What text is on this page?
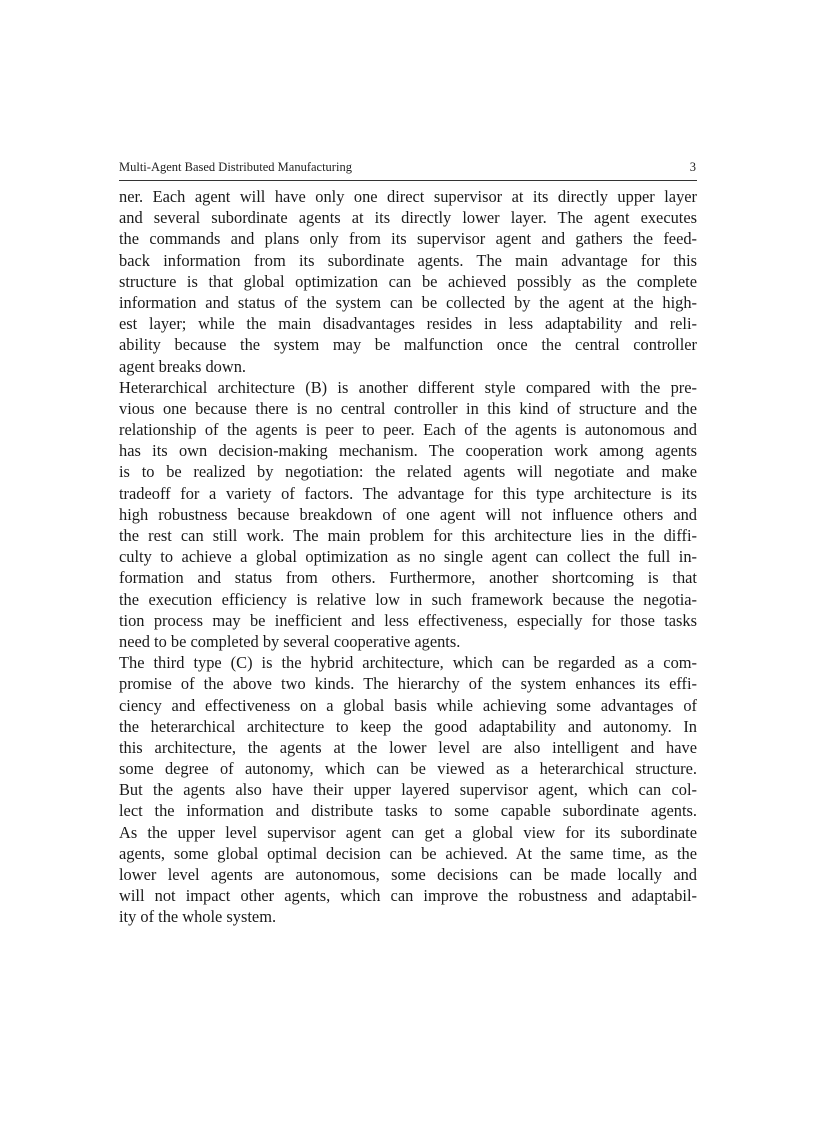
Multi-Agent Based Distributed Manufacturing	3
ner. Each agent will have only one direct supervisor at its directly upper layer
and several subordinate agents at its directly lower layer. The agent executes
the commands and plans only from its supervisor agent and gathers the feed-
back information from its subordinate agents. The main advantage for this
structure is that global optimization can be achieved possibly as the complete
information and status of the system can be collected by the agent at the high-
est layer; while the main disadvantages resides in less adaptability and reli-
ability because the system may be malfunction once the central controller
agent breaks down.
Heterarchical architecture (B) is another different style compared with the pre-
vious one because there is no central controller in this kind of structure and the
relationship of the agents is peer to peer. Each of the agents is autonomous and
has its own decision-making mechanism. The cooperation work among agents
is to be realized by negotiation: the related agents will negotiate and make
tradeoff for a variety of factors. The advantage for this type architecture is its
high robustness because breakdown of one agent will not influence others and
the rest can still work. The main problem for this architecture lies in the diffi-
culty to achieve a global optimization as no single agent can collect the full in-
formation and status from others. Furthermore, another shortcoming is that
the execution efficiency is relative low in such framework because the negotia-
tion process may be inefficient and less effectiveness, especially for those tasks
need to be completed by several cooperative agents.
The third type (C) is the hybrid architecture, which can be regarded as a com-
promise of the above two kinds. The hierarchy of the system enhances its effi-
ciency and effectiveness on a global basis while achieving some advantages of
the heterarchical architecture to keep the good adaptability and autonomy. In
this architecture, the agents at the lower level are also intelligent and have
some degree of autonomy, which can be viewed as a heterarchical structure.
But the agents also have their upper layered supervisor agent, which can col-
lect the information and distribute tasks to some capable subordinate agents.
As the upper level supervisor agent can get a global view for its subordinate
agents, some global optimal decision can be achieved. At the same time, as the
lower level agents are autonomous, some decisions can be made locally and
will not impact other agents, which can improve the robustness and adaptabil-
ity of the whole system.
